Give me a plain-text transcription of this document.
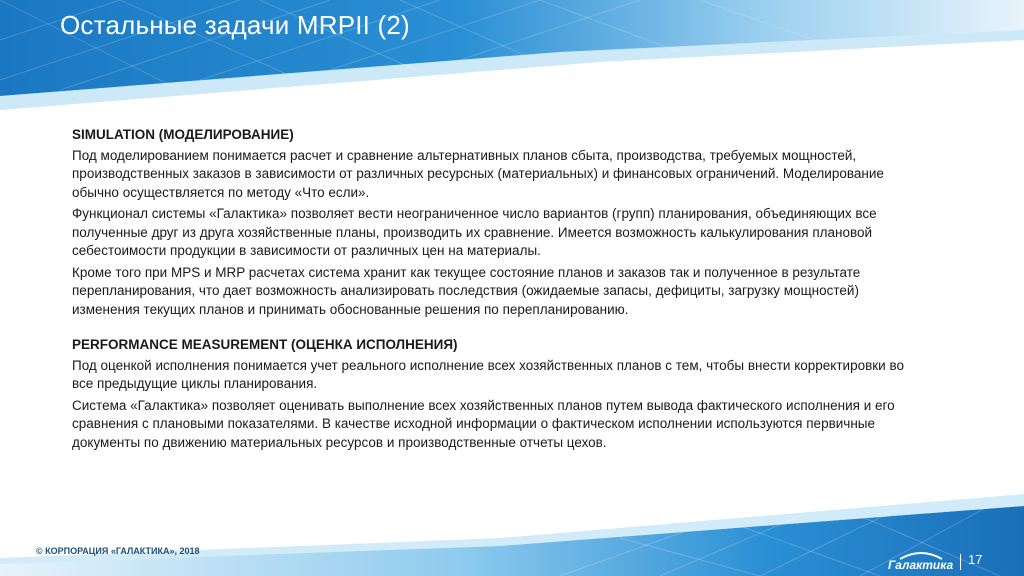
Остальные задачи MRPII (2)
SIMULATION (МОДЕЛИРОВАНИЕ)

Под моделированием понимается расчет и сравнение альтернативных планов сбыта, производства, требуемых мощностей, производственных заказов в зависимости от различных ресурсных (материальных) и финансовых ограничений. Моделирование обычно осуществляется по методу «Что если».

Функционал системы «Галактика» позволяет вести неограниченное число вариантов (групп) планирования, объединяющих все полученные друг из друга хозяйственные планы, производить их сравнение. Имеется возможность калькулирования плановой себестоимости продукции в зависимости от различных цен на материалы.

Кроме того при MPS и MRP расчетах система хранит как текущее состояние планов и заказов так и полученное в результате перепланирования, что дает возможность анализировать последствия (ожидаемые запасы, дефициты, загрузку мощностей) изменения текущих планов и принимать обоснованные решения по перепланированию.

PERFORMANCE MEASUREMENT (ОЦЕНКА ИСПОЛНЕНИЯ)

Под оценкой исполнения понимается учет реального исполнение всех хозяйственных планов с тем, чтобы внести корректировки во все предыдущие циклы планирования.

Система «Галактика» позволяет оценивать выполнение всех хозяйственных планов путем вывода фактического исполнения и его сравнения с плановыми показателями. В качестве исходной информации о фактическом исполнении используются первичные документы по движению материальных ресурсов и производственные отчеты цехов.

© КОРПОРАЦИЯ «ГАЛАКТИКА», 2018
Галактика 17
